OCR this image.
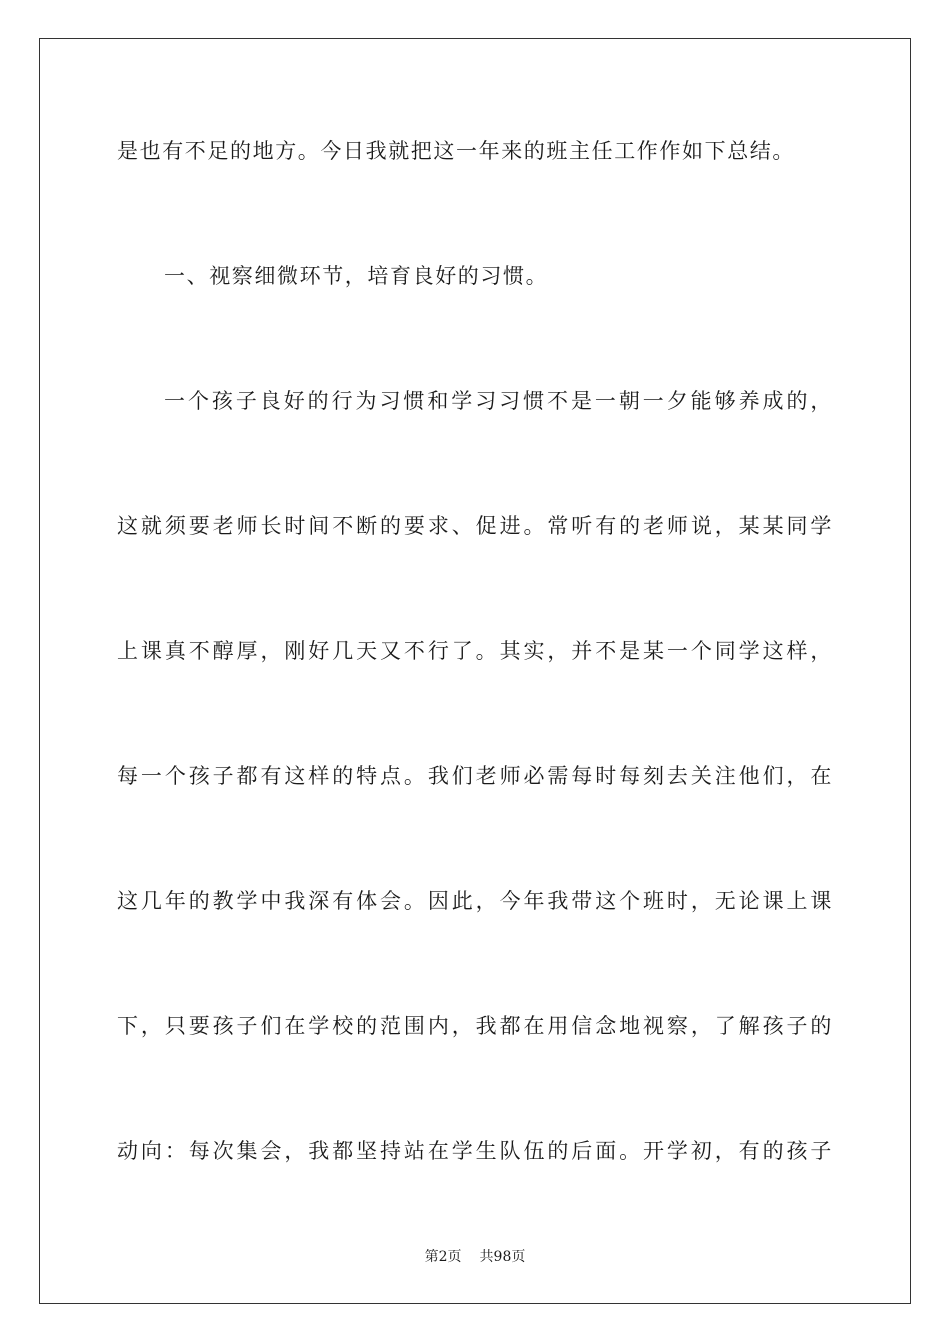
是也有不足的地方。今日我就把这一年来的班主任工作作如下总结。
一、视察细微环节，培育良好的习惯。
一个孩子良好的行为习惯和学习习惯不是一朝一夕能够养成的，
这就须要老师长时间不断的要求、促进。常听有的老师说，某某同学
上课真不醇厚，刚好几天又不行了。其实，并不是某一个同学这样，
每一个孩子都有这样的特点。我们老师必需每时每刻去关注他们，在
这几年的教学中我深有体会。因此，今年我带这个班时，无论课上课
下，只要孩子们在学校的范围内，我都在用信念地视察，了解孩子的
动向：每次集会，我都坚持站在学生队伍的后面。开学初，有的孩子
第2页 共98页
